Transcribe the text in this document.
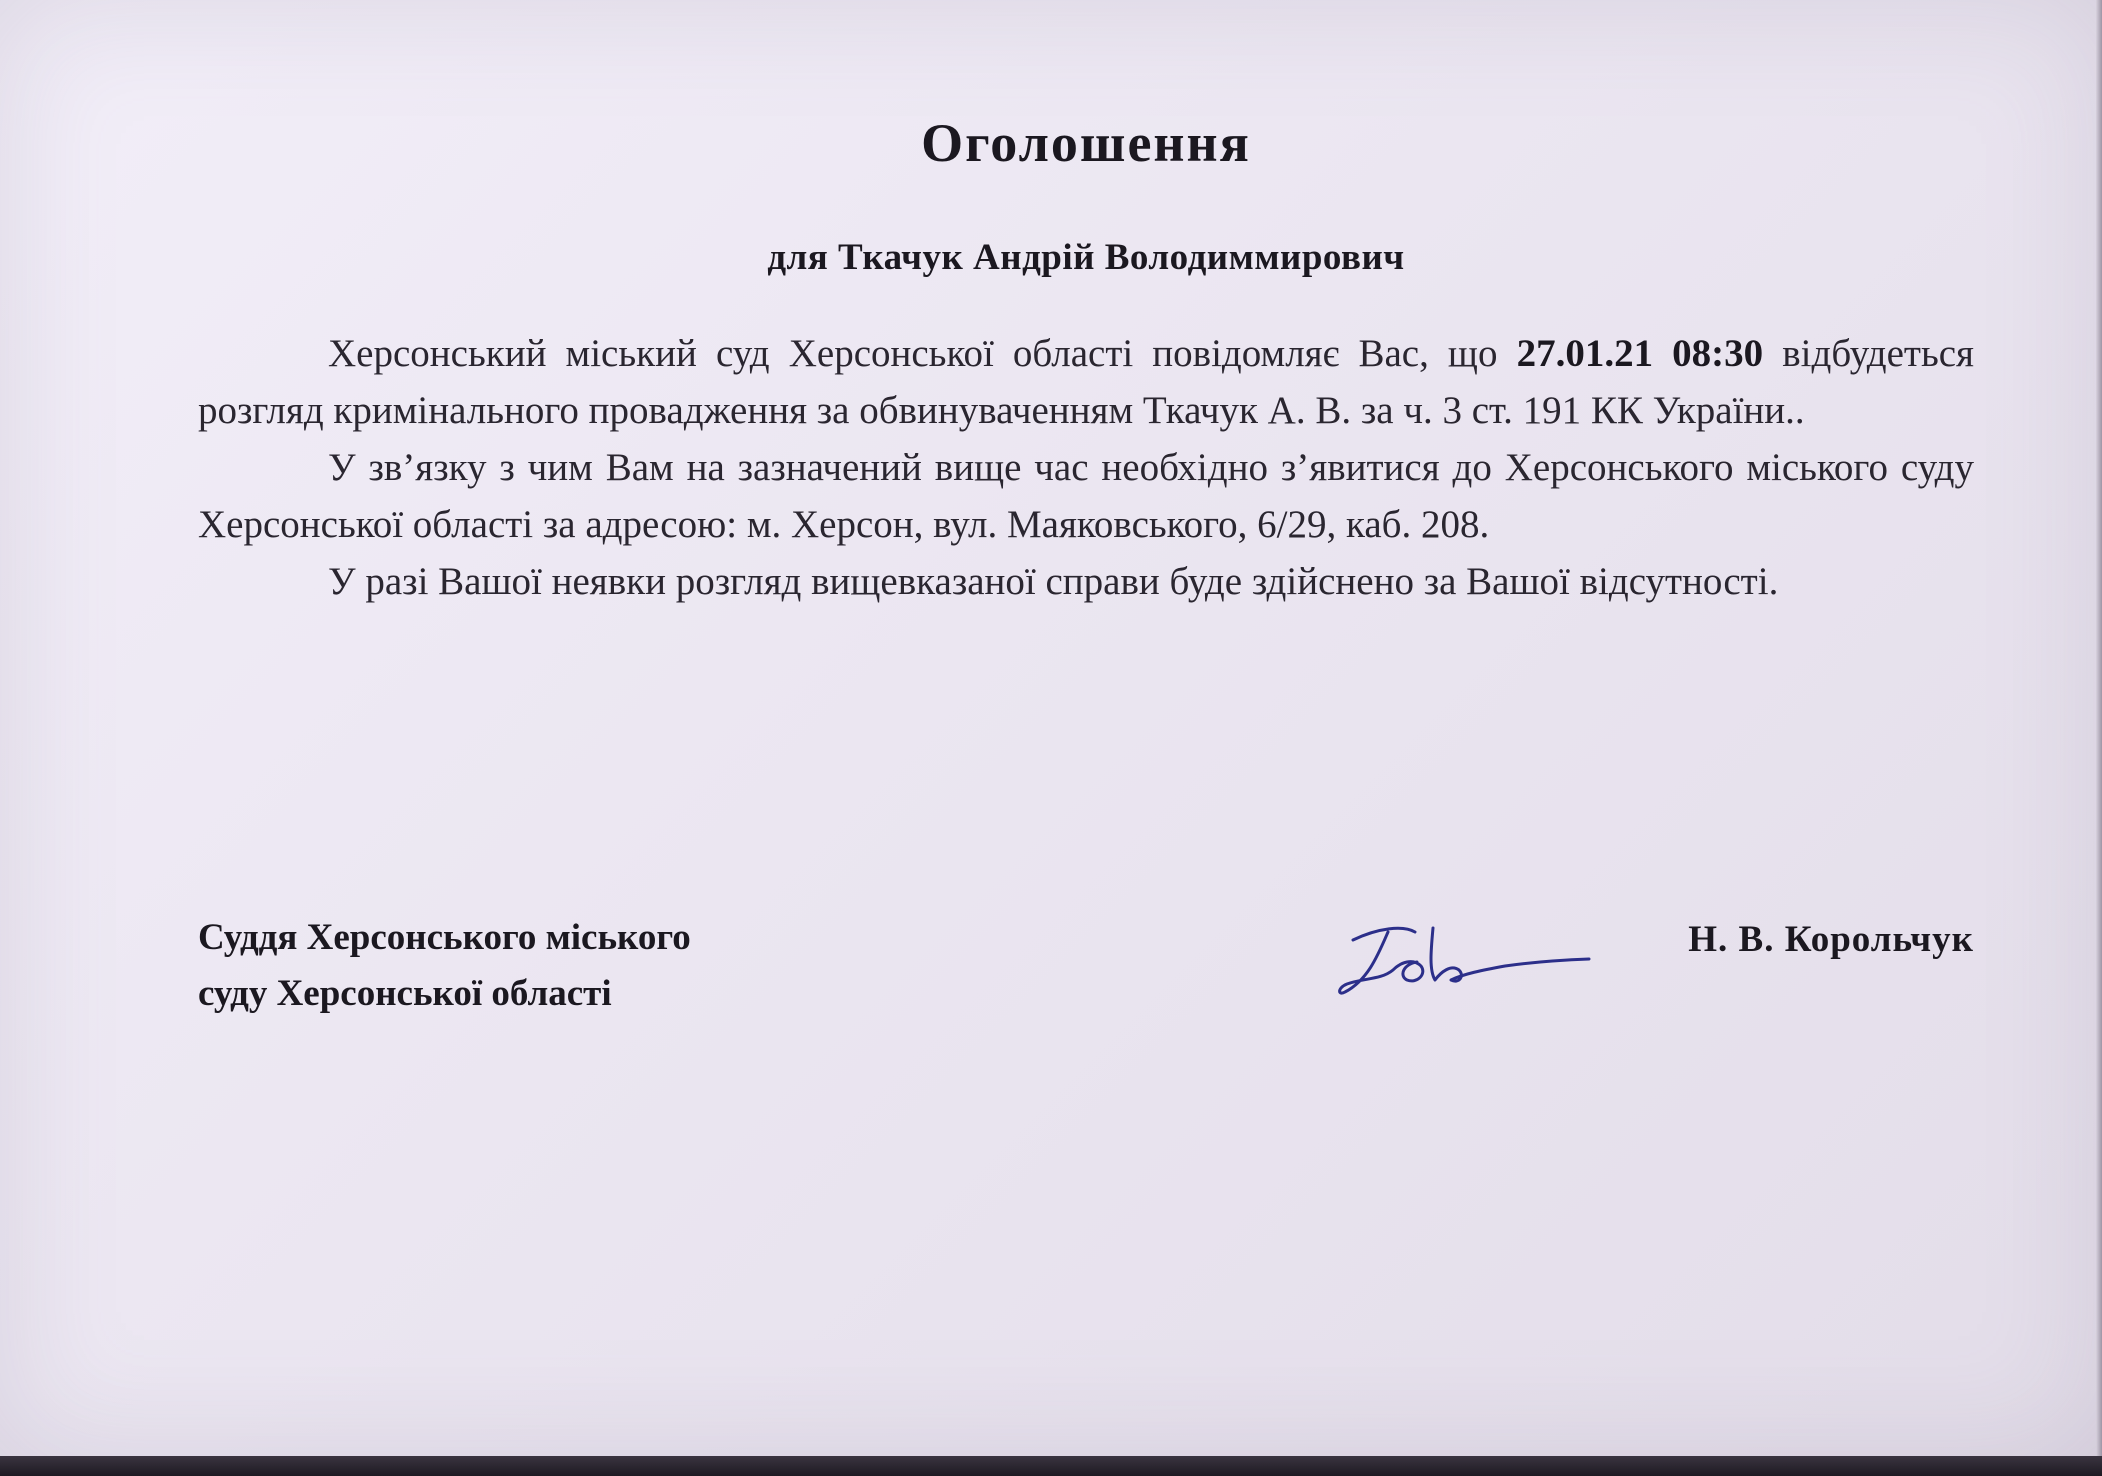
Оголошення
для Ткачук Андрій Володиммирович

Херсонський міський суд Херсонської області повідомляє Вас, що 27.01.21 08:30 відбудеться розгляд кримінального провадження за обвинуваченням Ткачук А. В. за ч. 3 ст. 191 КК України..

У зв’язку з чим Вам на зазначений вище час необхідно з’явитися до Херсонського міського суду Херсонської області за адресою: м. Херсон, вул. Маяковського, 6/29, каб. 208.

У разі Вашої неявки розгляд вищевказаної справи буде здійснено за Вашої відсутності.

Суддя Херсонського міського
суду Херсонської області
Н. В. Корольчук
